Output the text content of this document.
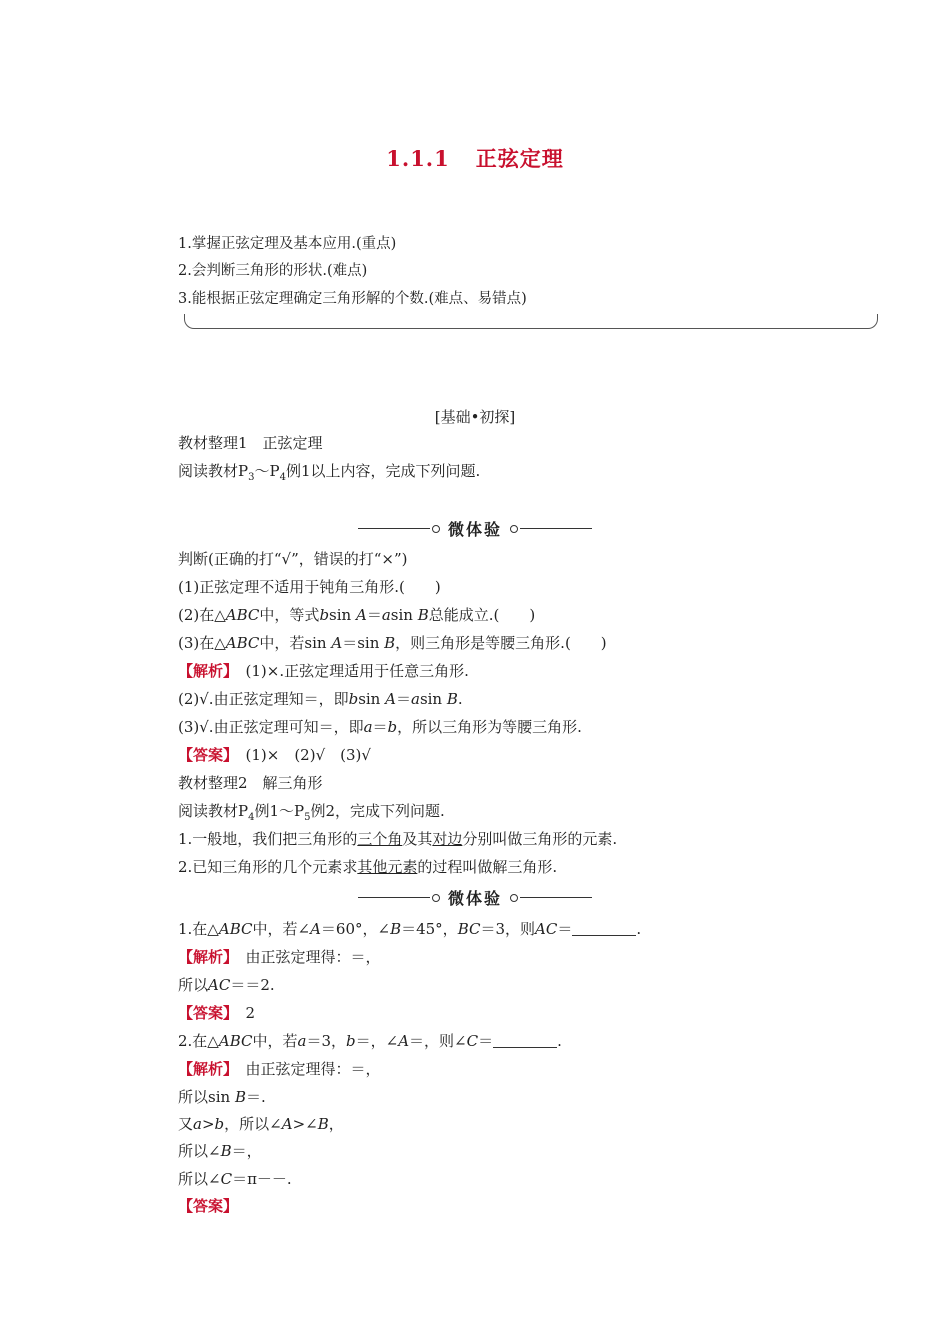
1.1.1 正弦定理
1.掌握正弦定理及基本应用.(重点)
2.会判断三角形的形状.(难点)
3.能根据正弦定理确定三角形解的个数.(难点、易错点)
[基础•初探]
教材整理1　正弦定理
阅读教材$P_3\sim P_4$例1以上内容，完成下列问题.
微体验
判断(正确的打“√”，错误的打“×”)
(1)正弦定理不适用于钝角三角形.(　　)
(2)在△ABC中，等式bsin A＝asin B总能成立.(　　)
(3)在△ABC中，若sin A＝sin B，则三角形是等腰三角形.(　　)
【解析】　(1)×.正弦定理适用于任意三角形.
(2)√.由正弦定理知＝，即bsin A＝asin B.
(3)√.由正弦定理可知＝，即a＝b，所以三角形为等腰三角形.
【答案】　(1)×　(2)√　(3)√
教材整理2　解三角形
阅读教材$P_4$例$1\sim P_5$例2，完成下列问题.
1.一般地，我们把三角形的三个角及其对边分别叫做三角形的元素.
2.已知三角形的几个元素求其他元素的过程叫做解三角形.
微体验
1.在△ABC中，若∠A＝60°，∠B＝45°，BC＝3，则AC＝	.
【解析】　由正弦定理得：＝，
所以AC＝＝2.
【答案】　2
2.在△ABC中，若a＝3，b＝，∠A＝，则∠C＝	.
【解析】　由正弦定理得：＝，
所以sin B＝.
又a>b，所以∠A>∠B，
所以∠B＝，
所以∠C＝π－－.
【答案】
